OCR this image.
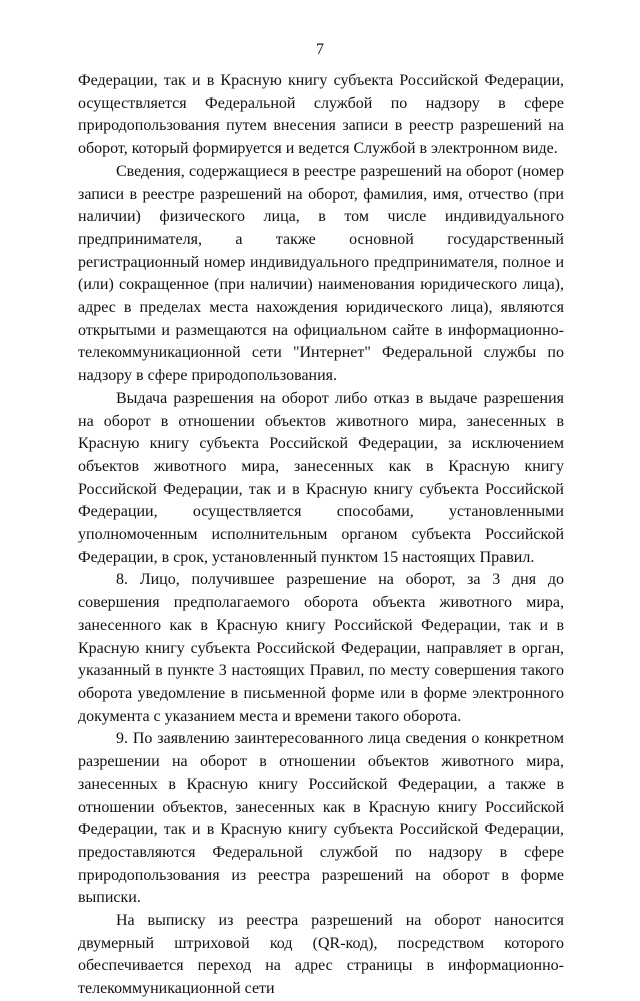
7

Федерации, так и в Красную книгу субъекта Российской Федерации, осуществляется Федеральной службой по надзору в сфере природопользования путем внесения записи в реестр разрешений на оборот, который формируется и ведется Службой в электронном виде.

Сведения, содержащиеся в реестре разрешений на оборот (номер записи в реестре разрешений на оборот, фамилия, имя, отчество (при наличии) физического лица, в том числе индивидуального предпринимателя, а также основной государственный регистрационный номер индивидуального предпринимателя, полное и (или) сокращенное (при наличии) наименования юридического лица), адрес в пределах места нахождения юридического лица), являются открытыми и размещаются на официальном сайте в информационно-телекоммуникационной сети "Интернет" Федеральной службы по надзору в сфере природопользования.

Выдача разрешения на оборот либо отказ в выдаче разрешения на оборот в отношении объектов животного мира, занесенных в Красную книгу субъекта Российской Федерации, за исключением объектов животного мира, занесенных как в Красную книгу Российской Федерации, так и в Красную книгу субъекта Российской Федерации, осуществляется способами, установленными уполномоченным исполнительным органом субъекта Российской Федерации, в срок, установленный пунктом 15 настоящих Правил.

8. Лицо, получившее разрешение на оборот, за 3 дня до совершения предполагаемого оборота объекта животного мира, занесенного как в Красную книгу Российской Федерации, так и в Красную книгу субъекта Российской Федерации, направляет в орган, указанный в пункте 3 настоящих Правил, по месту совершения такого оборота уведомление в письменной форме или в форме электронного документа с указанием места и времени такого оборота.

9. По заявлению заинтересованного лица сведения о конкретном разрешении на оборот в отношении объектов животного мира, занесенных в Красную книгу Российской Федерации, а также в отношении объектов, занесенных как в Красную книгу Российской Федерации, так и в Красную книгу субъекта Российской Федерации, предоставляются Федеральной службой по надзору в сфере природопользования из реестра разрешений на оборот в форме выписки.

На выписку из реестра разрешений на оборот наносится двумерный штриховой код (QR-код), посредством которого обеспечивается переход на адрес страницы в информационно-телекоммуникационной сети
